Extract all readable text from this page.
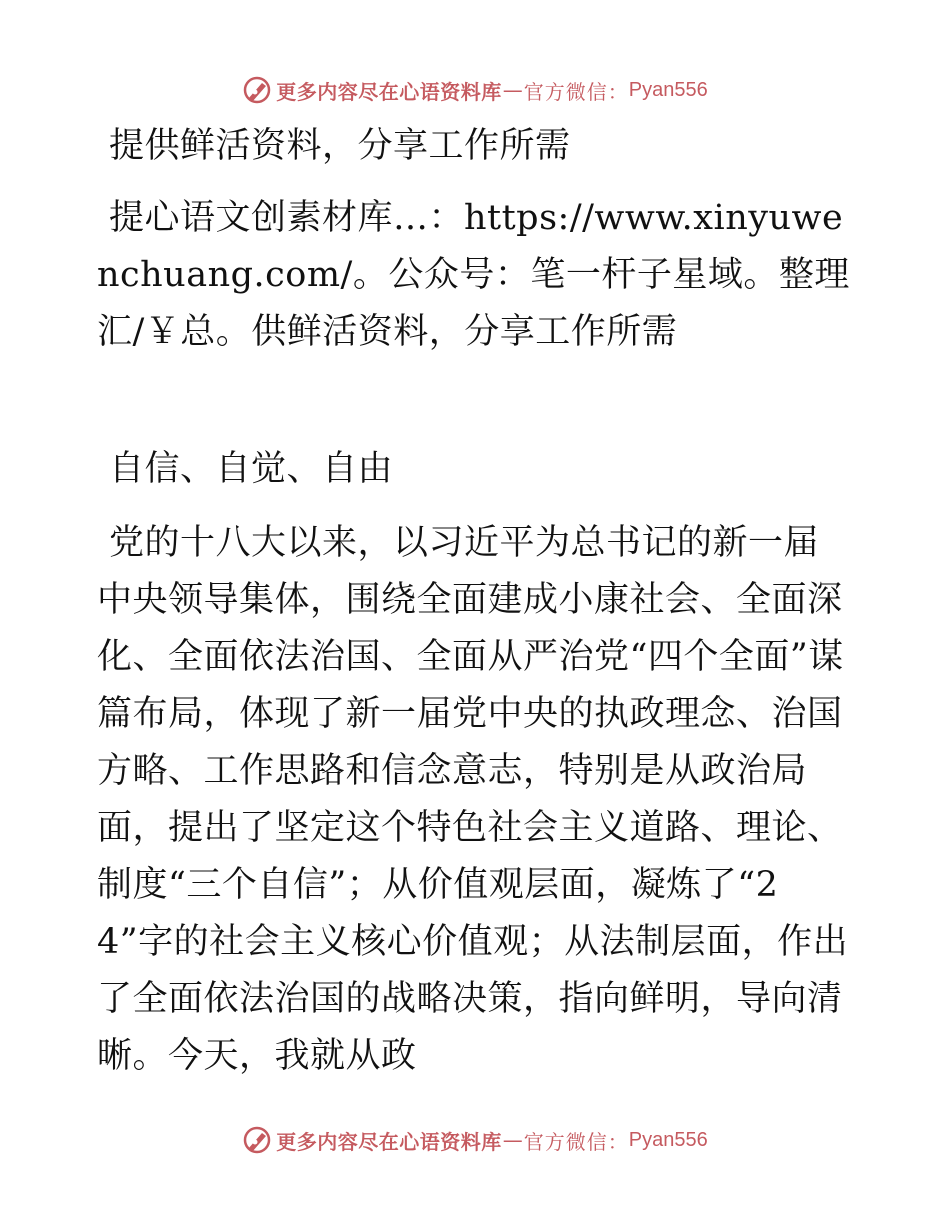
更多内容尽在心语资料库 — 官方微信： Pyan556
提供鲜活资料，分享工作所需
提心语文创素材库…：https://www.xinyuwenchuang.com/。公众号：笔一杆子星域。整理汇/￥总。供鲜活资料，分享工作所需
自信、自觉、自由
党的十八大以来，以习近平为总书记的新一届中央领导集体，围绕全面建成小康社会、全面深化、全面依法治国、全面从严治党“四个全面”谋篇布局，体现了新一届党中央的执政理念、治国方略、工作思路和信念意志，特别是从政治局面，提出了坚定这个特色社会主义道路、理论、制度“三个自信”；从价值观层面，凝炼了“24”字的社会主义核心价值观；从法制层面，作出了全面依法治国的战略决策，指向鲜明，导向清晰。今天，我就从政
更多内容尽在心语资料库 — 官方微信： Pyan556
